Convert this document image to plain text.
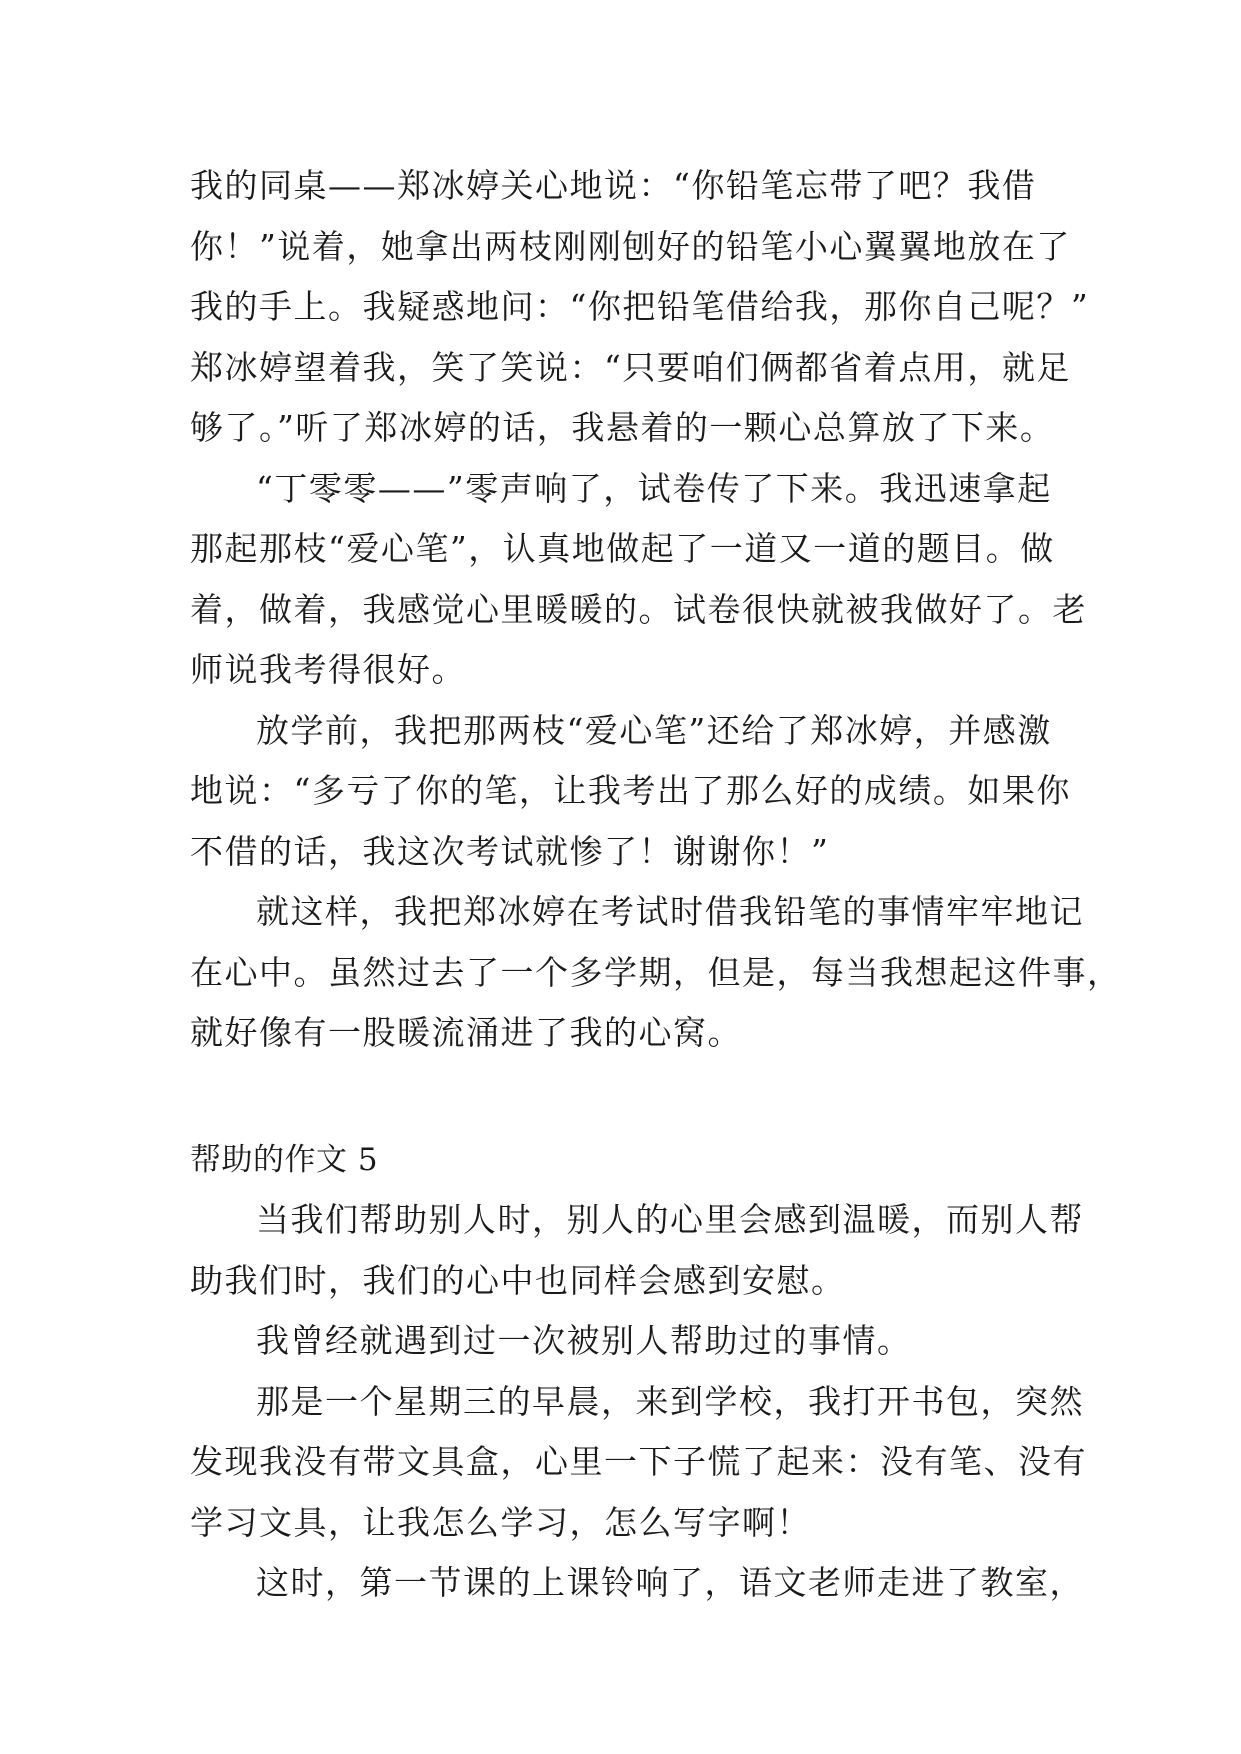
我的同桌——郑冰婷关心地说：“你铅笔忘带了吧？我借
你！”说着，她拿出两枝刚刚刨好的铅笔小心翼翼地放在了
我的手上。我疑惑地问：“你把铅笔借给我，那你自己呢？”
郑冰婷望着我，笑了笑说：“只要咱们俩都省着点用，就足
够了。”听了郑冰婷的话，我悬着的一颗心总算放了下来。
“丁零零——”零声响了，试卷传了下来。我迅速拿起
那起那枝“爱心笔”，认真地做起了一道又一道的题目。做
着，做着，我感觉心里暖暖的。试卷很快就被我做好了。老
师说我考得很好。
放学前，我把那两枝“爱心笔”还给了郑冰婷，并感激
地说：“多亏了你的笔，让我考出了那么好的成绩。如果你
不借的话，我这次考试就惨了！谢谢你！”
就这样，我把郑冰婷在考试时借我铅笔的事情牢牢地记
在心中。虽然过去了一个多学期，但是，每当我想起这件事，
就好像有一股暖流涌进了我的心窝。
帮助的作文 5
当我们帮助别人时，别人的心里会感到温暖，而别人帮
助我们时，我们的心中也同样会感到安慰。
我曾经就遇到过一次被别人帮助过的事情。
那是一个星期三的早晨，来到学校，我打开书包，突然
发现我没有带文具盒，心里一下子慌了起来：没有笔、没有
学习文具，让我怎么学习，怎么写字啊！
这时，第一节课的上课铃响了，语文老师走进了教室，
